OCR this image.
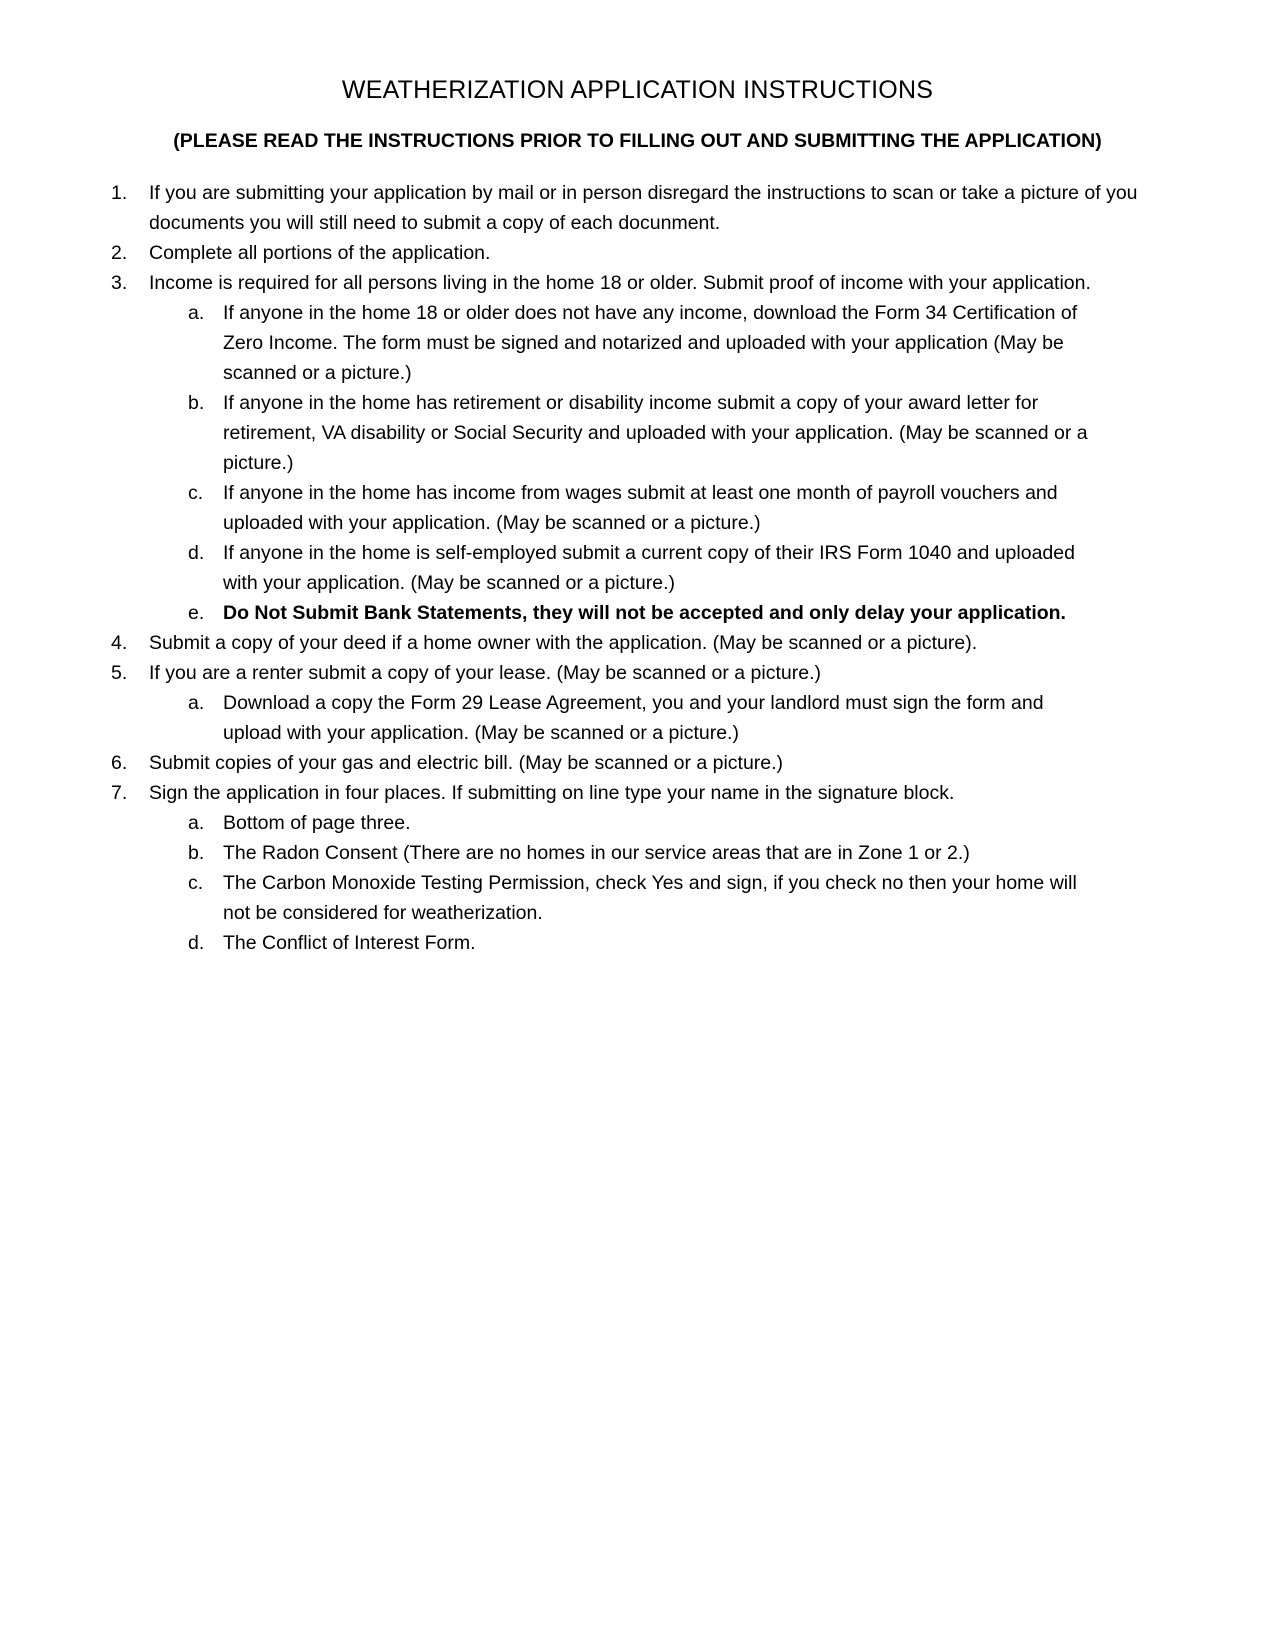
WEATHERIZATION APPLICATION INSTRUCTIONS
(PLEASE READ THE INSTRUCTIONS PRIOR TO FILLING OUT AND SUBMITTING THE APPLICATION)
1. If you are submitting your application by mail or in person disregard the instructions to scan or take a picture of you documents you will still need to submit a copy of each docunment.
2. Complete all portions of the application.
3. Income is required for all persons living in the home 18 or older. Submit proof of income with your application.
a. If anyone in the home 18 or older does not have any income, download the Form 34 Certification of Zero Income. The form must be signed and notarized and uploaded with your application (May be scanned or a picture.)
b. If anyone in the home has retirement or disability income submit a copy of your award letter for retirement, VA disability or Social Security and uploaded with your application. (May be scanned or a picture.)
c. If anyone in the home has income from wages submit at least one month of payroll vouchers and uploaded with your application. (May be scanned or a picture.)
d. If anyone in the home is self-employed submit a current copy of their IRS Form 1040 and uploaded with your application. (May be scanned or a picture.)
e. Do Not Submit Bank Statements, they will not be accepted and only delay your application.
4. Submit a copy of your deed if a home owner with the application. (May be scanned or a picture).
5. If you are a renter submit a copy of your lease. (May be scanned or a picture.)
a. Download a copy the Form 29 Lease Agreement, you and your landlord must sign the form and upload with your application. (May be scanned or a picture.)
6. Submit copies of your gas and electric bill. (May be scanned or a picture.)
7. Sign the application in four places. If submitting on line type your name in the signature block.
a. Bottom of page three.
b. The Radon Consent (There are no homes in our service areas that are in Zone 1 or 2.)
c. The Carbon Monoxide Testing Permission, check Yes and sign, if you check no then your home will not be considered for weatherization.
d. The Conflict of Interest Form.
